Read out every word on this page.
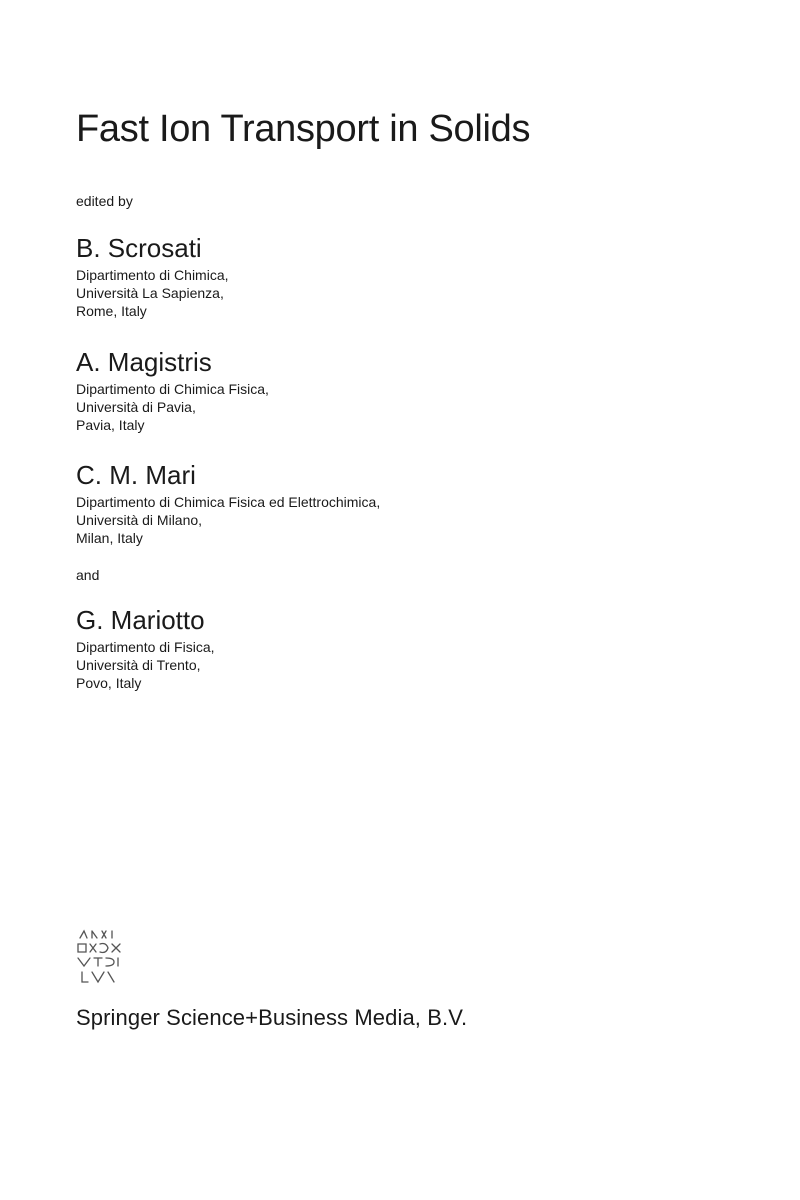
Fast Ion Transport in Solids

edited by

B. Scrosati
Dipartimento di Chimica,
Università La Sapienza,
Rome, Italy
A. Magistris
Dipartimento di Chimica Fisica,
Università di Pavia,
Pavia, Italy
C. M. Mari
Dipartimento di Chimica Fisica ed Elettrochimica,
Università di Milano,
Milan, Italy

and

G. Mariotto
Dipartimento di Fisica,
Università di Trento,
Povo, Italy

Springer Science+Business Media, B.V.
